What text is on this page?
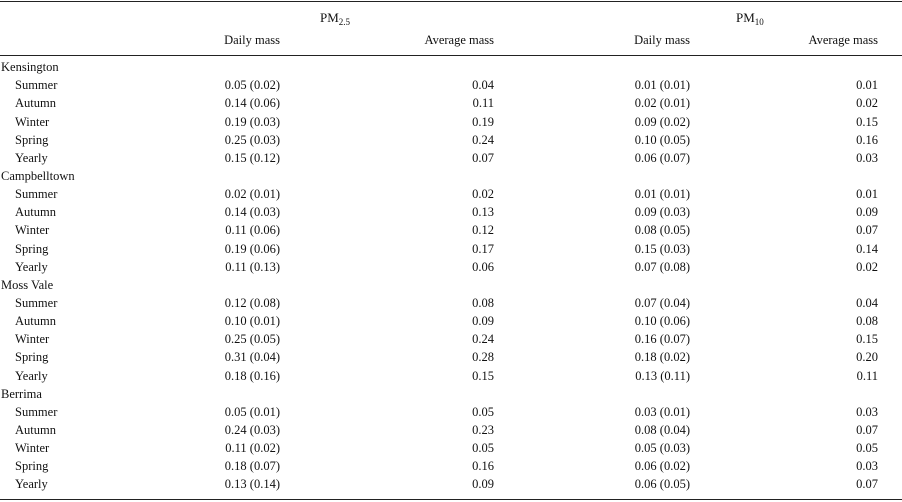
$PM_{2.5}$	$PM_{10}$
Daily mass	Average mass	Daily mass	Average mass
Kensington
Summer	0.05 (0.02)	0.04	0.01 (0.01)	0.01
Autumn	0.14 (0.06)	0.11	0.02 (0.01)	0.02
Winter	0.19 (0.03)	0.19	0.09 (0.02)	0.15
Spring	0.25 (0.03)	0.24	0.10 (0.05)	0.16
Yearly	0.15 (0.12)	0.07	0.06 (0.07)	0.03
Campbelltown
Summer	0.02 (0.01)	0.02	0.01 (0.01)	0.01
Autumn	0.14 (0.03)	0.13	0.09 (0.03)	0.09
Winter	0.11 (0.06)	0.12	0.08 (0.05)	0.07
Spring	0.19 (0.06)	0.17	0.15 (0.03)	0.14
Yearly	0.11 (0.13)	0.06	0.07 (0.08)	0.02
Moss Vale
Summer	0.12 (0.08)	0.08	0.07 (0.04)	0.04
Autumn	0.10 (0.01)	0.09	0.10 (0.06)	0.08
Winter	0.25 (0.05)	0.24	0.16 (0.07)	0.15
Spring	0.31 (0.04)	0.28	0.18 (0.02)	0.20
Yearly	0.18 (0.16)	0.15	0.13 (0.11)	0.11
Berrima
Summer	0.05 (0.01)	0.05	0.03 (0.01)	0.03
Autumn	0.24 (0.03)	0.23	0.08 (0.04)	0.07
Winter	0.11 (0.02)	0.05	0.05 (0.03)	0.05
Spring	0.18 (0.07)	0.16	0.06 (0.02)	0.03
Yearly	0.13 (0.14)	0.09	0.06 (0.05)	0.07
